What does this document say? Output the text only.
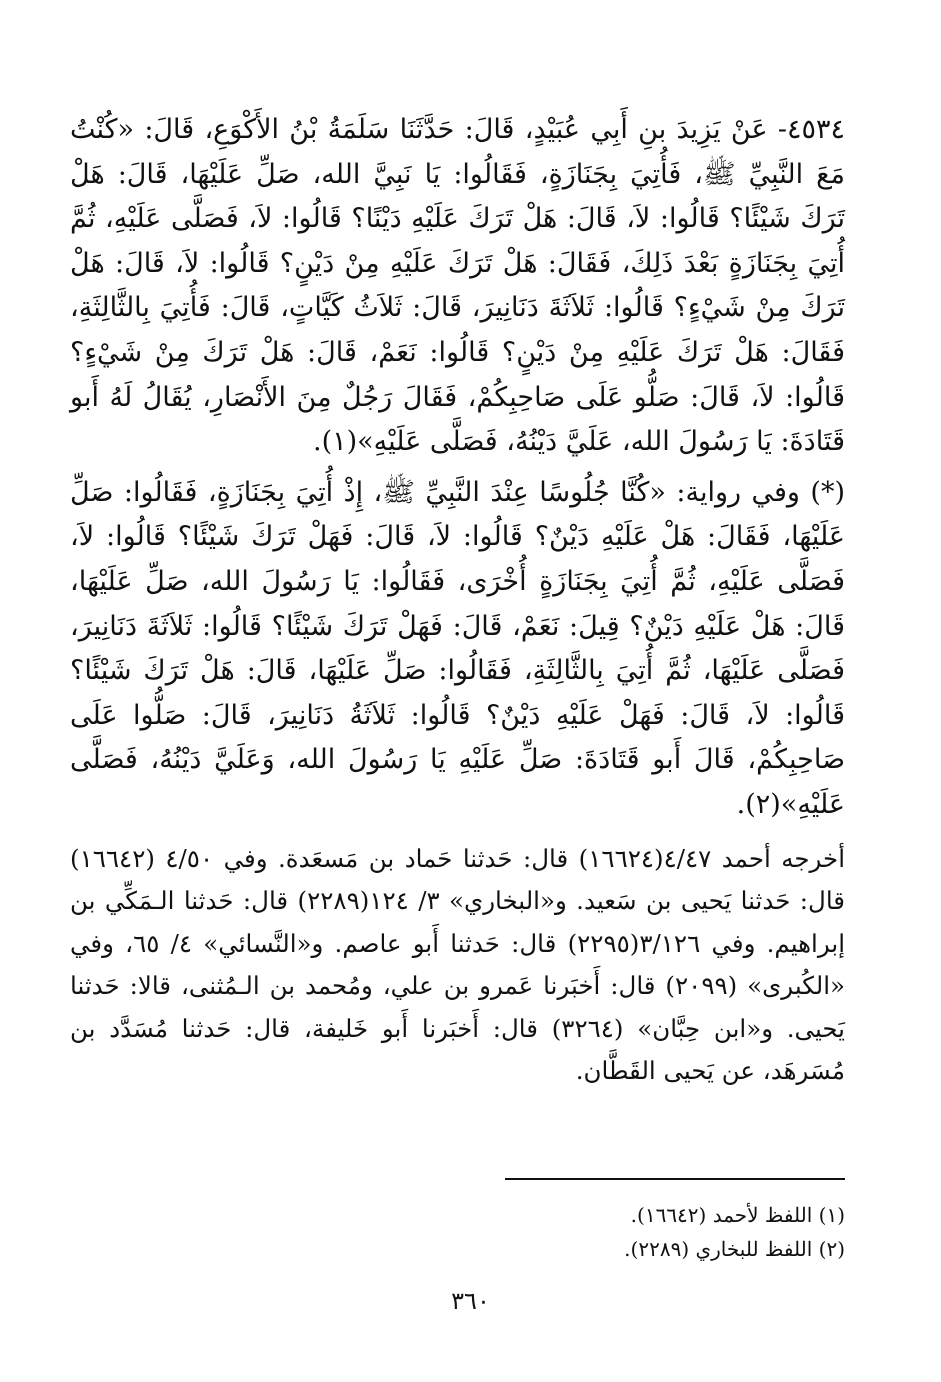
٤٥٣٤- عَنْ يَزِيدَ بنِ أَبِي عُبَيْدٍ، قَالَ: حَدَّثَنَا سَلَمَةُ بْنُ الأَكْوَعِ، قَالَ: «كُنْتُ مَعَ النَّبِيِّ ﷺ، فَأُتِيَ بِجَنَازَةٍ، فَقَالُوا: يَا نَبِيَّ الله، صَلِّ عَلَيْهَا، قَالَ: هَلْ تَرَكَ شَيْئًا؟ قَالُوا: لاَ، قَالَ: هَلْ تَرَكَ عَلَيْهِ دَيْنًا؟ قَالُوا: لاَ، فَصَلَّى عَلَيْهِ، ثُمَّ أُتِيَ بِجَنَازَةٍ بَعْدَ ذَلِكَ، فَقَالَ: هَلْ تَرَكَ عَلَيْهِ مِنْ دَيْنٍ؟ قَالُوا: لاَ، قَالَ: هَلْ تَرَكَ مِنْ شَيْءٍ؟ قَالُوا: ثَلاَثَةَ دَنَانِيرَ، قَالَ: ثَلاَثُ كَيَّاتٍ، قَالَ: فَأُتِيَ بِالثَّالِثَةِ، فَقَالَ: هَلْ تَرَكَ عَلَيْهِ مِنْ دَيْنٍ؟ قَالُوا: نَعَمْ، قَالَ: هَلْ تَرَكَ مِنْ شَيْءٍ؟ قَالُوا: لاَ، قَالَ: صَلُّو عَلَى صَاحِبِكُمْ، فَقَالَ رَجُلٌ مِنَ الأَنْصَارِ، يُقَالُ لَهُ أَبو قَتَادَةَ: يَا رَسُولَ الله، عَلَيَّ دَيْنُهُ، فَصَلَّى عَلَيْهِ»(١).

(*) وفي رواية: «كُنَّا جُلُوسًا عِنْدَ النَّبِيِّ ﷺ، إِذْ أُتِيَ بِجَنَازَةٍ، فَقَالُوا: صَلِّ عَلَيْهَا، فَقَالَ: هَلْ عَلَيْهِ دَيْنٌ؟ قَالُوا: لاَ، قَالَ: فَهَلْ تَرَكَ شَيْئًا؟ قَالُوا: لاَ، فَصَلَّى عَلَيْهِ، ثُمَّ أُتِيَ بِجَنَازَةٍ أُخْرَى، فَقَالُوا: يَا رَسُولَ الله، صَلِّ عَلَيْهَا، قَالَ: هَلْ عَلَيْهِ دَيْنٌ؟ قِيلَ: نَعَمْ، قَالَ: فَهَلْ تَرَكَ شَيْئًا؟ قَالُوا: ثَلاَثَةَ دَنَانِيرَ، فَصَلَّى عَلَيْهَا، ثُمَّ أُتِيَ بِالثَّالِثَةِ، فَقَالُوا: صَلِّ عَلَيْهَا، قَالَ: هَلْ تَرَكَ شَيْئًا؟ قَالُوا: لاَ، قَالَ: فَهَلْ عَلَيْهِ دَيْنٌ؟ قَالُوا: ثَلاَثَةُ دَنَانِيرَ، قَالَ: صَلُّوا عَلَى صَاحِبِكُمْ، قَالَ أَبو قَتَادَةَ: صَلِّ عَلَيْهِ يَا رَسُولَ الله، وَعَلَيَّ دَيْنُهُ، فَصَلَّى عَلَيْهِ»(٢).

أخرجه أحمد ٤/٤٧(١٦٦٢٤) قال: حَدثنا حَماد بن مَسعَدة. وفي ٤/٥٠ (١٦٦٤٢) قال: حَدثنا يَحيى بن سَعيد. و«البخاري» ٣/ ١٢٤(٢٢٨٩) قال: حَدثنا الـمَكِّي بن إبراهيم. وفي ٣/١٢٦(٢٢٩٥) قال: حَدثنا أَبو عاصم. و«النَّسائي» ٤/ ٦٥، وفي «الكُبرى» (٢٠٩٩) قال: أَخبَرنا عَمرو بن علي، ومُحمد بن الـمُثنى، قالا: حَدثنا يَحيى. و«ابن حِبَّان» (٣٢٦٤) قال: أَخبَرنا أَبو خَليفة، قال: حَدثنا مُسَدَّد بن مُسَرهَد، عن يَحيى القَطَّان.

(١) اللفظ لأحمد (١٦٦٤٢).

(٢) اللفظ للبخاري (٢٢٨٩).

٣٦٠
